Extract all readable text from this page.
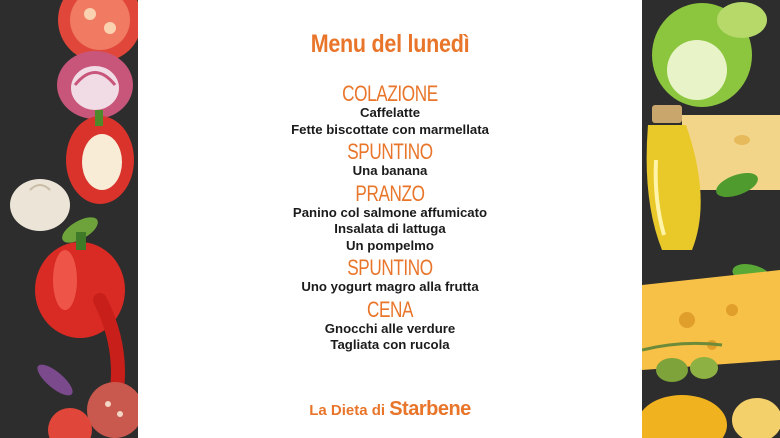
Menu del lunedì
COLAZIONE
Caffelatte
Fette biscottate con marmellata
SPUNTINO
Una banana
PRANZO
Panino col salmone affumicato
Insalata di lattuga
Un pompelmo
SPUNTINO
Uno yogurt magro alla frutta
CENA
Gnocchi alle verdure
Tagliata con rucola
La Dieta di Starbene
